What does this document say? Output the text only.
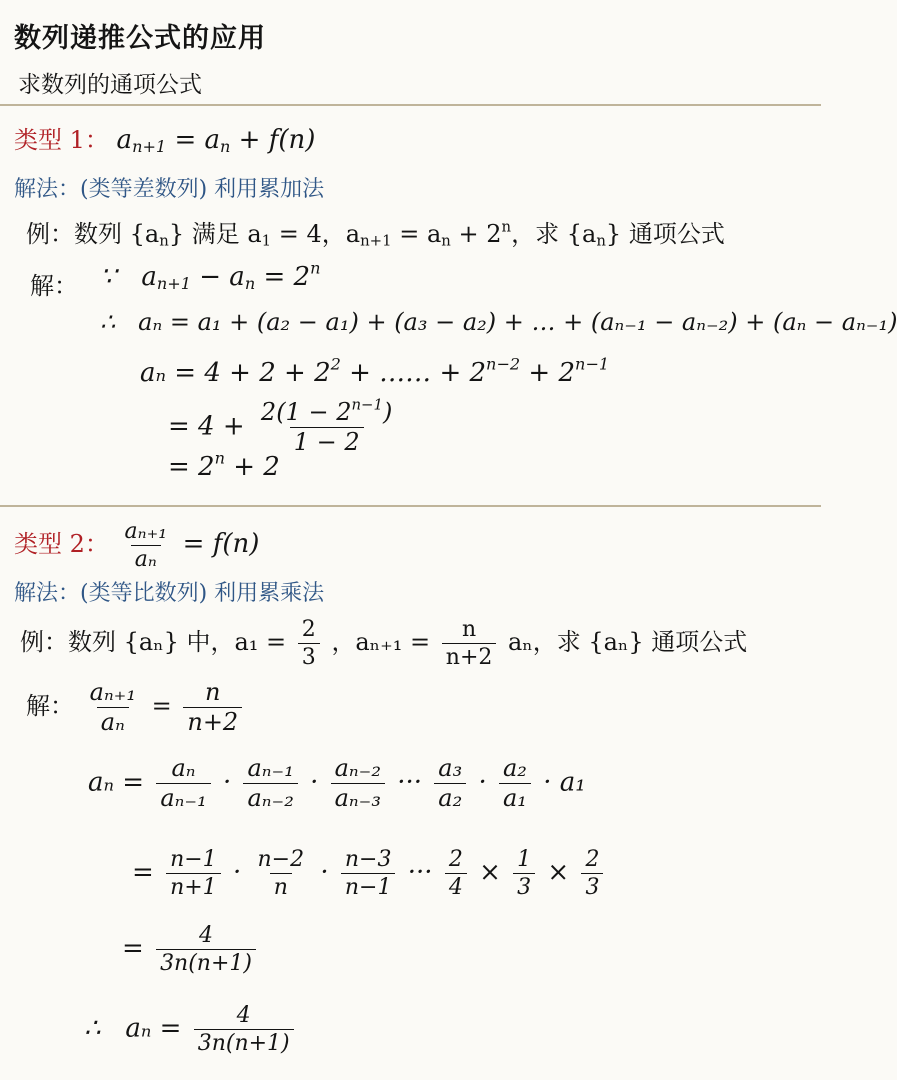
数列递推公式的应用
求数列的通项公式
类型 1： $a_{n+1} = a_n + f(n)$
解法：(类等差数列) 利用累加法
例：数列 $\{a_n\}$ 满足 $a_1 = 4$，$a_{n+1} = a_n + 2^n$，求 $\{a_n\}$ 通项公式
解： ∵ $a_{n+1} - a_n = 2^n$
∴ aₙ = a₁ + (a₂ − a₁) + (a₃ − a₂) + … + (aₙ₋₁ − aₙ₋₂) + (aₙ − aₙ₋₁)
$a_n = 4 + 2 + 2^2$ + …… + $2^{n-2} + 2^{n-1}$
= $4 + \frac{2(1 - 2^{n-1})}{1 - 2}$
= $2^n + 2$
类型 2： $\frac{\text{aₙ₊₁}}{\text{aₙ}} = f(n)$
解法：(类等比数列) 利用累乘法
例：数列 {aₙ} 中，$a_1 = \frac{2}{3}$ ，$a_{n+1} = \frac{n}{n+2}$ aₙ，求 {aₙ} 通项公式
解： $\frac{\text{aₙ₊₁}}{\text{aₙ}} = \frac{n}{n+2}$
$a_n = \frac{\text{aₙ}}{\text{aₙ₋₁}} \cdot \frac{\text{aₙ₋₁}}{\text{aₙ₋₂}} \cdot \frac{\text{aₙ₋₂}}{\text{aₙ₋₃}}$ ··· $\frac{\text{a₃}}{\text{a₂}} \cdot \frac{\text{a₂}}{\text{a₁}} \cdot a_1$
= $\frac{n-1}{n+1} \cdot \frac{n-2}{n} \cdot \frac{n-3}{n-1}$ ··· $\frac{2}{4} \times \frac{1}{3} \times \frac{2}{3}$
= $\frac{4}{3n(n+1)}$
∴ $a_n = \frac{4}{3n(n+1)}$
